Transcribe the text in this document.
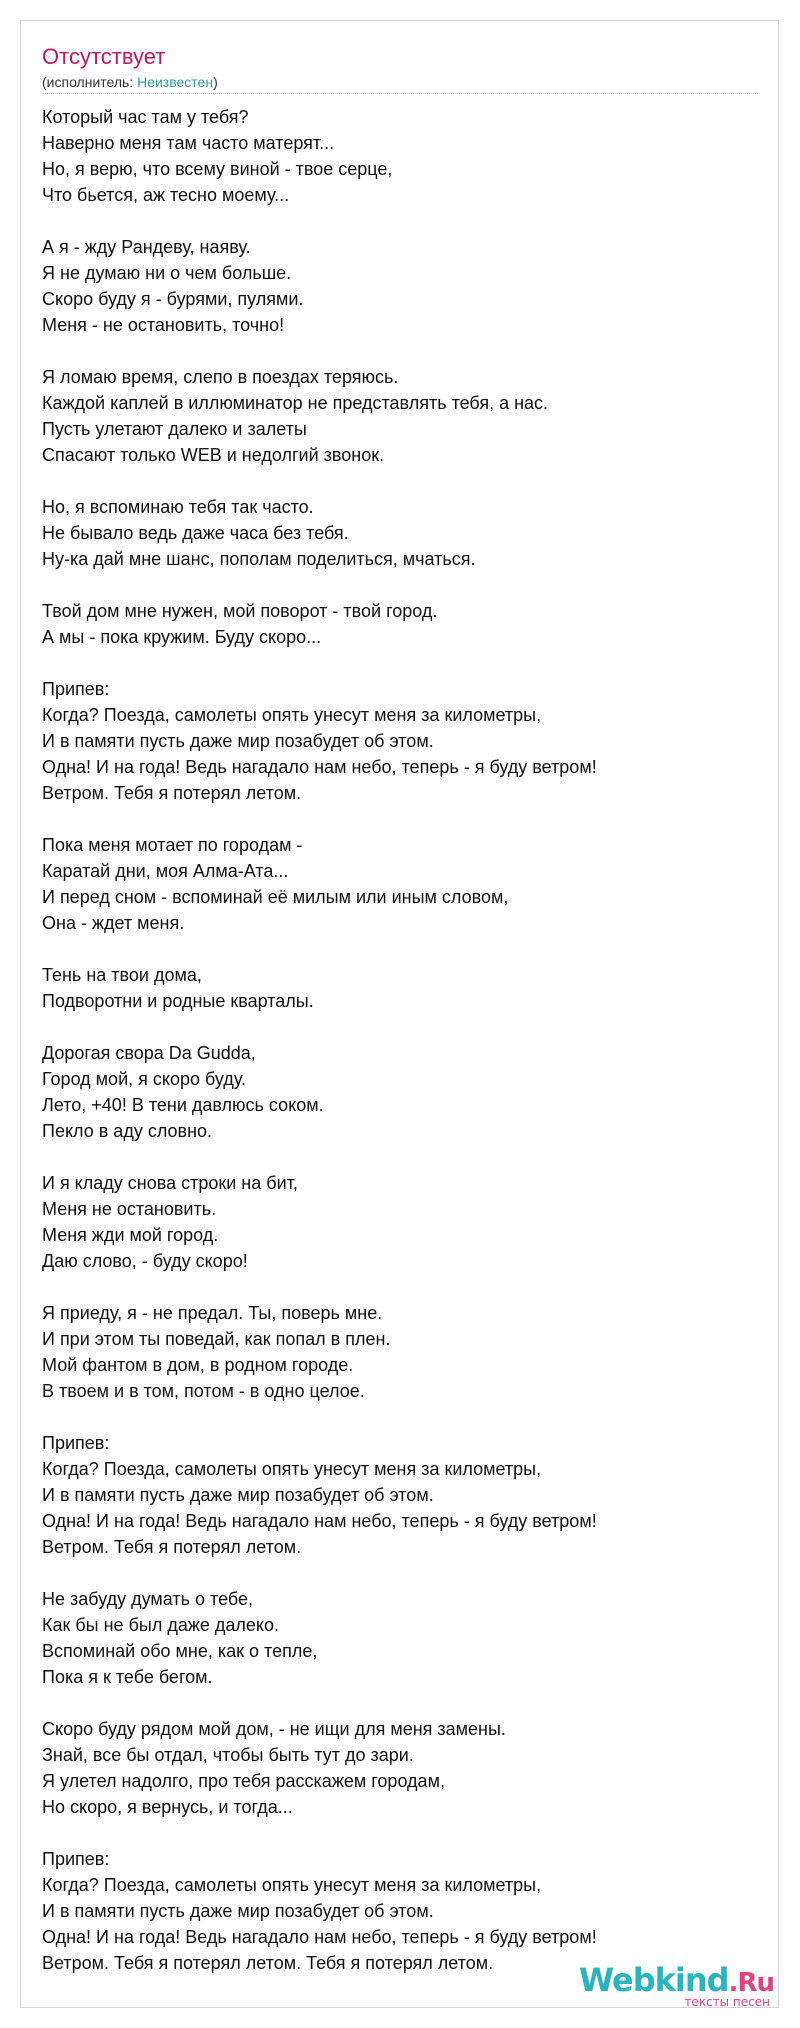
Отсутствует
(исполнитель: Неизвестен)
Который час там у тебя?
Наверно меня там часто матерят...
Но, я верю, что всему виной - твое серце,
Что бьется, аж тесно моему...
А я - жду Рандеву, наяву.
Я не думаю ни о чем больше.
Скоро буду я - бурями, пулями.
Меня - не остановить, точно!
Я ломаю время, слепо в поездах теряюсь.
Каждой каплей в иллюминатор не представлять тебя, а нас.
Пусть улетают далеко и залеты
Спасают только WEB и недолгий звонок.
Но, я вспоминаю тебя так часто.
Не бывало ведь даже часа без тебя.
Ну-ка дай мне шанс, пополам поделиться, мчаться.
Твой дом мне нужен, мой поворот - твой город.
А мы - пока кружим. Буду скоро...
Припев:
Когда? Поезда, самолеты опять унесут меня за километры,
И в памяти пусть даже мир позабудет об этом.
Одна! И на года! Ведь нагадало нам небо, теперь - я буду ветром!
Ветром. Тебя я потерял летом.
Пока меня мотает по городам -
Каратай дни, моя Алма-Ата...
И перед сном - вспоминай её милым или иным словом,
Она - ждет меня.
Тень на твои дома,
Подворотни и родные кварталы.
Дорогая свора Da Gudda,
Город мой, я скоро буду.
Лето, +40! В тени давлюсь соком.
Пекло в аду словно.
И я кладу снова строки на бит,
Меня не остановить.
Меня жди мой город.
Даю слово, - буду скоро!
Я приеду, я - не предал. Ты, поверь мне.
И при этом ты поведай, как попал в плен.
Мой фантом в дом, в родном городе.
В твоем и в том, потом - в одно целое.
Припев:
Когда? Поезда, самолеты опять унесут меня за километры,
И в памяти пусть даже мир позабудет об этом.
Одна! И на года! Ведь нагадало нам небо, теперь - я буду ветром!
Ветром. Тебя я потерял летом.
Не забуду думать о тебе,
Как бы не был даже далеко.
Вспоминай обо мне, как о тепле,
Пока я к тебе бегом.
Скоро буду рядом мой дом, - не ищи для меня замены.
Знай, все бы отдал, чтобы быть тут до зари.
Я улетел надолго, про тебя расскажем городам,
Но скоро, я вернусь, и тогда...
Припев:
Когда? Поезда, самолеты опять унесут меня за километры,
И в памяти пусть даже мир позабудет об этом.
Одна! И на года! Ведь нагадало нам небо, теперь - я буду ветром!
Ветром. Тебя я потерял летом. Тебя я потерял летом.	Webkind.Ru
тексты песен
